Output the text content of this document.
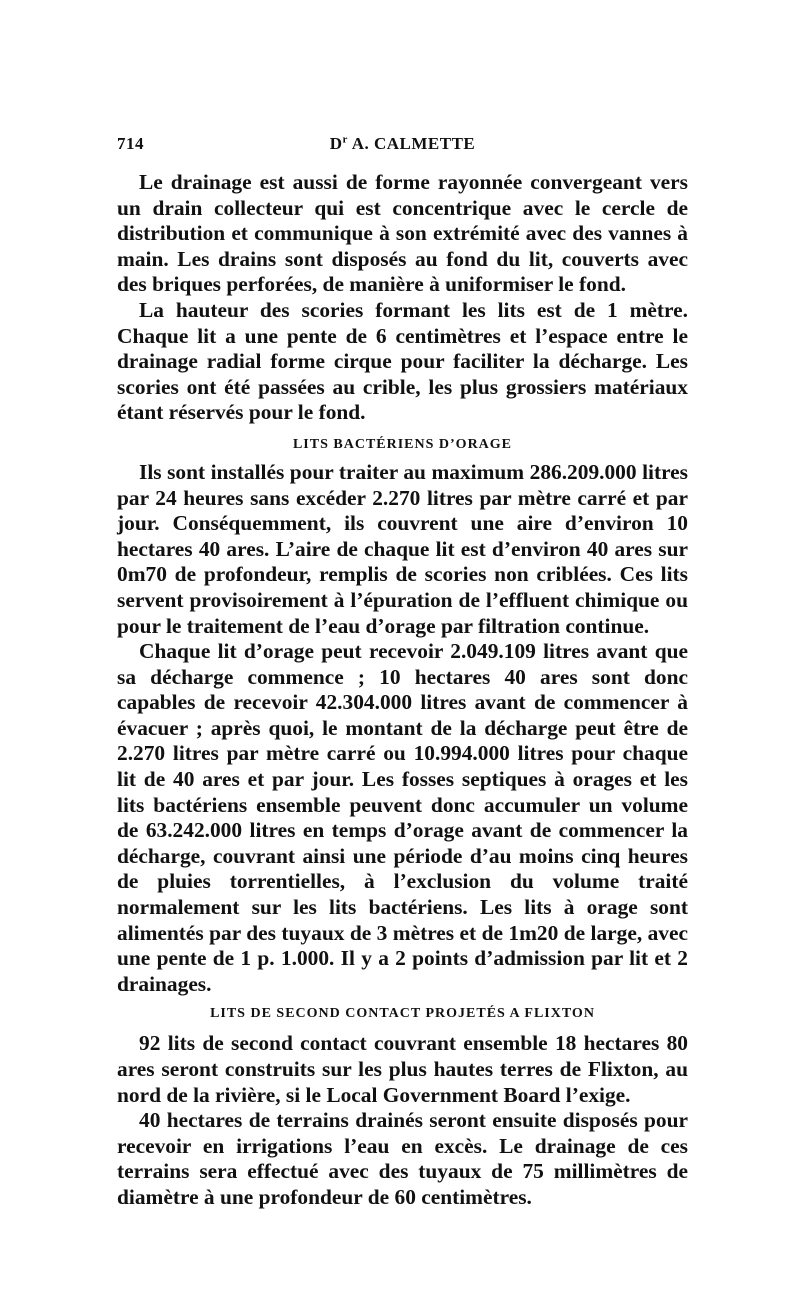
714	$D^r$ A. CALMETTE

Le drainage est aussi de forme rayonnée convergeant vers un drain collecteur qui est concentrique avec le cercle de distribution et communique à son extrémité avec des vannes à main. Les drains sont disposés au fond du lit, couverts avec des briques perforées, de manière à uniformiser le fond.

La hauteur des scories formant les lits est de 1 mètre. Chaque lit a une pente de 6 centimètres et l’espace entre le drainage radial forme cirque pour faciliter la décharge. Les scories ont été passées au crible, les plus grossiers matériaux étant réservés pour le fond.

LITS BACTÉRIENS D’ORAGE

Ils sont installés pour traiter au maximum 286.209.000 litres par 24 heures sans excéder 2.270 litres par mètre carré et par jour. Conséquemment, ils couvrent une aire d’environ 10 hectares 40 ares. L’aire de chaque lit est d’environ 40 ares sur 0m70 de profondeur, remplis de scories non criblées. Ces lits servent provisoirement à l’épuration de l’effluent chimique ou pour le traitement de l’eau d’orage par filtration continue.

Chaque lit d’orage peut recevoir 2.049.109 litres avant que sa décharge commence ; 10 hectares 40 ares sont donc capables de recevoir 42.304.000 litres avant de commencer à évacuer ; après quoi, le montant de la décharge peut être de 2.270 litres par mètre carré ou 10.994.000 litres pour chaque lit de 40 ares et par jour. Les fosses septiques à orages et les lits bactériens ensemble peuvent donc accumuler un volume de 63.242.000 litres en temps d’orage avant de commencer la décharge, couvrant ainsi une période d’au moins cinq heures de pluies torrentielles, à l’exclusion du volume traité normalement sur les lits bactériens. Les lits à orage sont alimentés par des tuyaux de 3 mètres et de 1m20 de large, avec une pente de 1 p. 1.000. Il y a 2 points d’admission par lit et 2 drainages.

LITS DE SECOND CONTACT PROJETÉS A FLIXTON

92 lits de second contact couvrant ensemble 18 hectares 80 ares seront construits sur les plus hautes terres de Flixton, au nord de la rivière, si le Local Government Board l’exige.

40 hectares de terrains drainés seront ensuite disposés pour recevoir en irrigations l’eau en excès. Le drainage de ces terrains sera effectué avec des tuyaux de 75 millimètres de diamètre à une profondeur de 60 centimètres.
